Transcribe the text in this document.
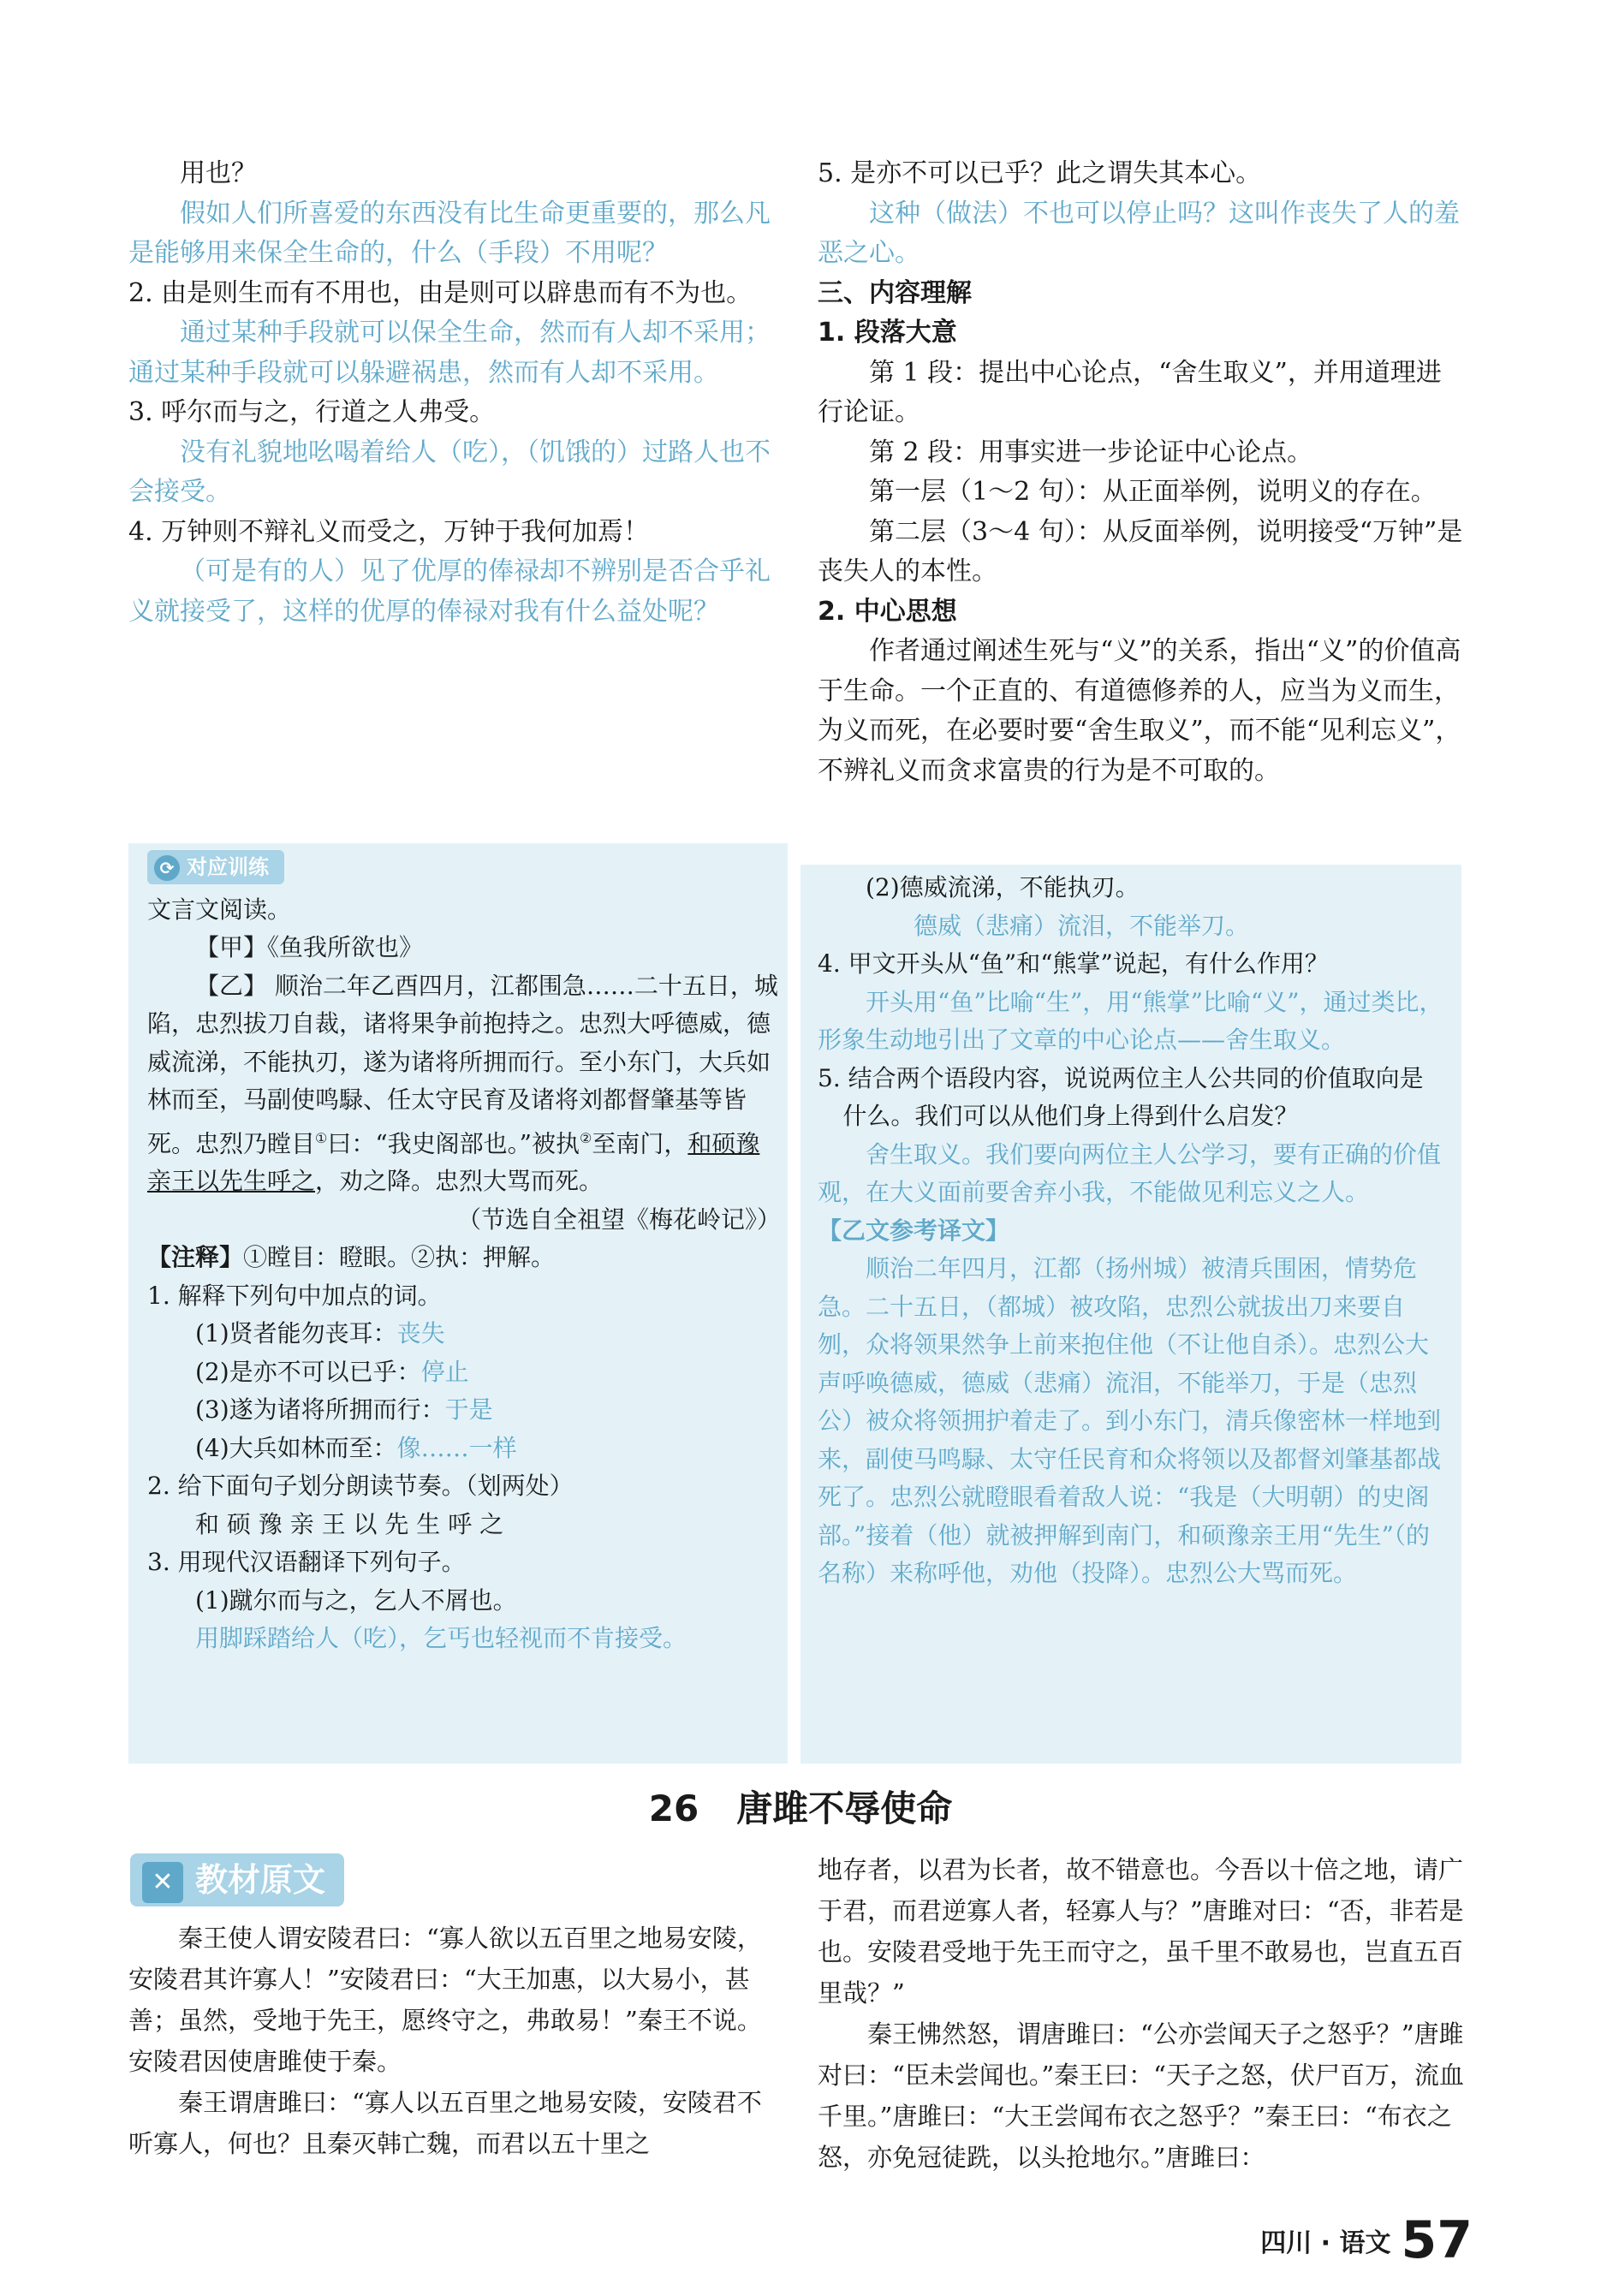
用也？

假如人们所喜爱的东西没有比生命更重要的，那么凡是能够用来保全生命的，什么（手段）不用呢？

2. 由是则生而有不用也，由是则可以辟患而有不为也。

通过某种手段就可以保全生命，然而有人却不采用；通过某种手段就可以躲避祸患，然而有人却不采用。

3. 呼尔而与之，行道之人弗受。

没有礼貌地吆喝着给人（吃），（饥饿的）过路人也不会接受。

4. 万钟则不辩礼义而受之，万钟于我何加焉！

（可是有的人）见了优厚的俸禄却不辨别是否合乎礼义就接受了，这样的优厚的俸禄对我有什么益处呢？

5. 是亦不可以已乎？此之谓失其本心。

这种（做法）不也可以停止吗？这叫作丧失了人的羞恶之心。

三、内容理解

1. 段落大意

第 1 段：提出中心论点，“舍生取义”，并用道理进行论证。

第 2 段：用事实进一步论证中心论点。

第一层（1～2 句）：从正面举例，说明义的存在。

第二层（3～4 句）：从反面举例，说明接受“万钟”是丧失人的本性。

2. 中心思想

作者通过阐述生死与“义”的关系，指出“义”的价值高于生命。一个正直的、有道德修养的人，应当为义而生，为义而死，在必要时要“舍生取义”，而不能“见利忘义”，不辨礼义而贪求富贵的行为是不可取的。

⟳ 对应训练

文言文阅读。

【甲】《鱼我所欲也》

【乙】 顺治二年乙酉四月，江都围急……二十五日，城陷，忠烈拔刀自裁，诸将果争前抱持之。忠烈大呼德威，德威流涕，不能执刃，遂为诸将所拥而行。至小东门，大兵如林而至，马副使鸣騄、任太守民育及诸将刘都督肇基等皆死。忠烈乃瞠目①曰：“我史阁部也。”被执②至南门，和硕豫亲王以先生呼之，劝之降。忠烈大骂而死。

（节选自全祖望《梅花岭记》）

【注释】①瞠目：瞪眼。②执：押解。

1. 解释下列句中加点的词。

(1)贤者能勿丧耳：丧失

(2)是亦不可以已乎：停止

(3)遂为诸将所拥而行：于是

(4)大兵如林而至：像……一样

2. 给下面句子划分朗读节奏。（划两处）

和 硕 豫 亲 王 以 先 生 呼 之

3. 用现代汉语翻译下列句子。

(1)蹴尔而与之，乞人不屑也。

用脚踩踏给人（吃），乞丐也轻视而不肯接受。

(2)德威流涕，不能执刃。

德威（悲痛）流泪，不能举刀。

4. 甲文开头从“鱼”和“熊掌”说起，有什么作用？

开头用“鱼”比喻“生”，用“熊掌”比喻“义”，通过类比，形象生动地引出了文章的中心论点——舍生取义。

5. 结合两个语段内容，说说两位主人公共同的价值取向是什么。我们可以从他们身上得到什么启发？

舍生取义。我们要向两位主人公学习，要有正确的价值观，在大义面前要舍弃小我，不能做见利忘义之人。

【乙文参考译文】

顺治二年四月，江都（扬州城）被清兵围困，情势危急。二十五日，（都城）被攻陷，忠烈公就拔出刀来要自刎，众将领果然争上前来抱住他（不让他自杀）。忠烈公大声呼唤德威，德威（悲痛）流泪，不能举刀，于是（忠烈公）被众将领拥护着走了。到小东门，清兵像密林一样地到来，副使马鸣騄、太守任民育和众将领以及都督刘肇基都战死了。忠烈公就瞪眼看着敌人说：“我是（大明朝）的史阁部。”接着（他）就被押解到南门，和硕豫亲王用“先生”（的名称）来称呼他，劝他（投降）。忠烈公大骂而死。

26 唐雎不辱使命
✕ 教材原文

秦王使人谓安陵君曰：“寡人欲以五百里之地易安陵，安陵君其许寡人！”安陵君曰：“大王加惠，以大易小，甚善；虽然，受地于先王，愿终守之，弗敢易！”秦王不说。安陵君因使唐雎使于秦。

秦王谓唐雎曰：“寡人以五百里之地易安陵，安陵君不听寡人，何也？且秦灭韩亡魏，而君以五十里之

地存者，以君为长者，故不错意也。今吾以十倍之地，请广于君，而君逆寡人者，轻寡人与？”唐雎对曰：“否，非若是也。安陵君受地于先王而守之，虽千里不敢易也，岂直五百里哉？”

秦王怫然怒，谓唐雎曰：“公亦尝闻天子之怒乎？”唐雎对曰：“臣未尝闻也。”秦王曰：“天子之怒，伏尸百万，流血千里。”唐雎曰：“大王尝闻布衣之怒乎？”秦王曰：“布衣之怒，亦免冠徒跣，以头抢地尔。”唐雎曰：

四川 · 语文 57
